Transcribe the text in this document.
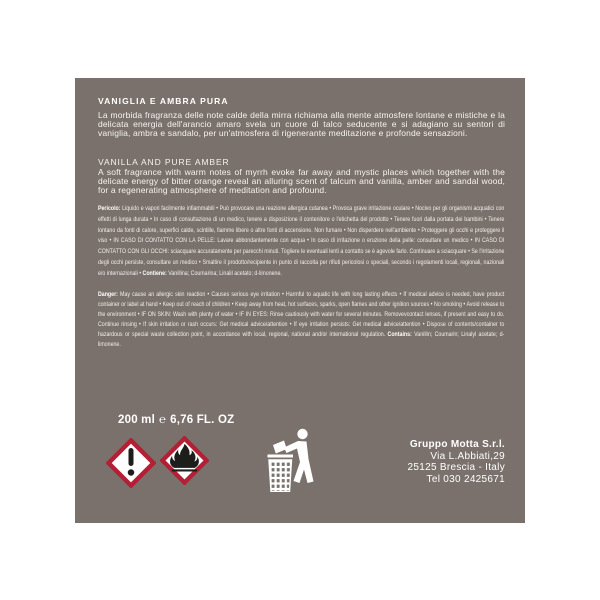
VANIGLIA E AMBRA PURA

La morbida fragranza delle note calde della mirra richiama alla mente atmosfere lontane e mistiche e la delicata energia dell'arancio amaro svela un cuore di talco seducente e si adagiano su sentori di vaniglia, ambra e sandalo, per un'atmosfera di rigenerante meditazione e profonde sensazioni.

VANILLA AND PURE AMBER

A soft fragrance with warm notes of myrrh evoke far away and mystic places which together with the delicate energy of bitter orange reveal an alluring scent of talcum and vanilla, amber and sandal wood, for a regenerating atmosphere of meditation and profound.

Pericolo: Liquido e vapori facilmente infiammabili • Può provocare una reazione allergica cutanea • Provoca grave irritazione oculare • Nocivo per gli organismi acquatici con effetti di lunga durata • In caso di consultazione di un medico, tenere a disposizione il contenitore o l'etichetta del prodotto • Tenere fuori dalla portata dei bambini • Tenere lontano da fonti di calore, superfici calde, scintille, fiamme libere o altre fonti di accensione. Non fumare • Non disperdere nell'ambiente • Proteggere gli occhi e proteggere il viso • IN CASO DI CONTATTO CON LA PELLE: Lavare abbondantemente con acqua • In caso di irritazione o eruzione della pelle: consultare un medico • IN CASO DI CONTATTO CON GLI OCCHI: sciacquare accuratamente per parecchi minuti. Togliere le eventuali lenti a contatto se è agevole farlo. Continuare a sciacquare • Se l'irritazione degli occhi persiste, consultare un medico • Smaltire il prodotto/recipiente in punto di raccolta per rifiuti pericolosi o speciali, secondo i regolamenti locali, regionali, nazionali e/o internazionali • Contiene: Vanillina; Coumarina; Linalil acetato; d-limonene.

Danger: May cause an allergic skin reaction • Causes serious eye irritation • Harmful to aquatic life with long lasting effects • If medical advice is needed, have product container or label at hand • Keep out of reach of children • Keep away from heat, hot surfaces, sparks, open flames and other ignition sources • No smoking • Avoid release to the environment • IF ON SKIN: Wash with plenty of water • IF IN EYES: Rinse cautiously with water for several minutes. Removevcontact lenses, if present and easy to do. Continue rinsing • If skin irritation or rash occurs: Get medical advice/attention • If eye irritation persists: Get medical advice/attention • Dispose of contents/container to hazardous or special waste collection point, in accordance with local, regional, national and/or international regulation. Contains: Vanillin; Coumarin; Linalyl acetate; d-limonene.

200 ml ℮ 6,76 FL. OZ
Gruppo Motta S.r.l.
Via L.Abbiati,29
25125 Brescia - Italy
Tel 030 2425671
